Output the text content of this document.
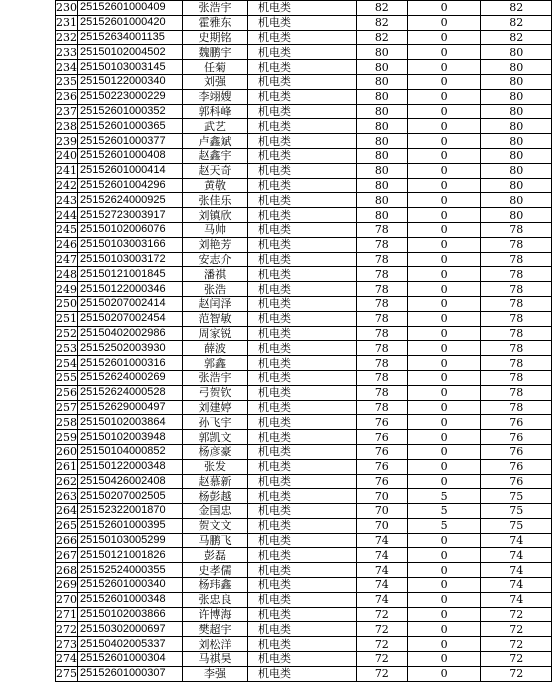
230	25152601000409	张浩宇	机电类	82	0	82
231	25152601000420	霍雅东	机电类	82	0	82
232	25152634001135	史期铭	机电类	82	0	82
233	25150102004502	魏鹏宇	机电类	80	0	80
234	25150103003145	任菊	机电类	80	0	80
235	25150122000340	刘强	机电类	80	0	80
236	25150223000229	李翊嫂	机电类	80	0	80
237	25152601000352	郭科峰	机电类	80	0	80
238	25152601000365	武艺	机电类	80	0	80
239	25152601000377	卢鑫斌	机电类	80	0	80
240	25152601000408	赵鑫宇	机电类	80	0	80
241	25152601000414	赵天奇	机电类	80	0	80
242	25152601004296	黄敬	机电类	80	0	80
243	25152624000925	张佳乐	机电类	80	0	80
244	25152723003917	刘镇欣	机电类	80	0	80
245	25150102006076	马帅	机电类	78	0	78
246	25150103003166	刘艳芳	机电类	78	0	78
247	25150103003172	安志介	机电类	78	0	78
248	25150121001845	潘祺	机电类	78	0	78
249	25150122000346	张浩	机电类	78	0	78
250	25150207002414	赵闰泽	机电类	78	0	78
251	25150207002454	范智敏	机电类	78	0	78
252	25150402002986	周家锐	机电类	78	0	78
253	25152502003930	薛波	机电类	78	0	78
254	25152601000316	郭鑫	机电类	78	0	78
255	25152624000269	张浩宇	机电类	78	0	78
256	25152624000528	弓贺钦	机电类	78	0	78
257	25152629000497	刘建婷	机电类	78	0	78
258	25150102003864	孙飞宇	机电类	76	0	76
259	25150102003948	郭凯文	机电类	76	0	76
260	25150104000852	杨彦豪	机电类	76	0	76
261	25150122000348	张发	机电类	76	0	76
262	25150426002408	赵慕新	机电类	76	0	76
263	25150207002505	杨彭越	机电类	70	5	75
264	25152322001870	金国忠	机电类	70	5	75
265	25152601000395	贺文文	机电类	70	5	75
266	25150103005299	马鹏飞	机电类	74	0	74
267	25150121001826	彭磊	机电类	74	0	74
268	25152524000355	史孝儒	机电类	74	0	74
269	25152601000340	杨玮鑫	机电类	74	0	74
270	25152601000348	张忠良	机电类	74	0	74
271	25150102003866	许博海	机电类	72	0	72
272	25150302000697	樊超宇	机电类	72	0	72
273	25150402005337	刘松洋	机电类	72	0	72
274	25152601000304	马祺昊	机电类	72	0	72
275	25152601000307	李强	机电类	72	0	72
